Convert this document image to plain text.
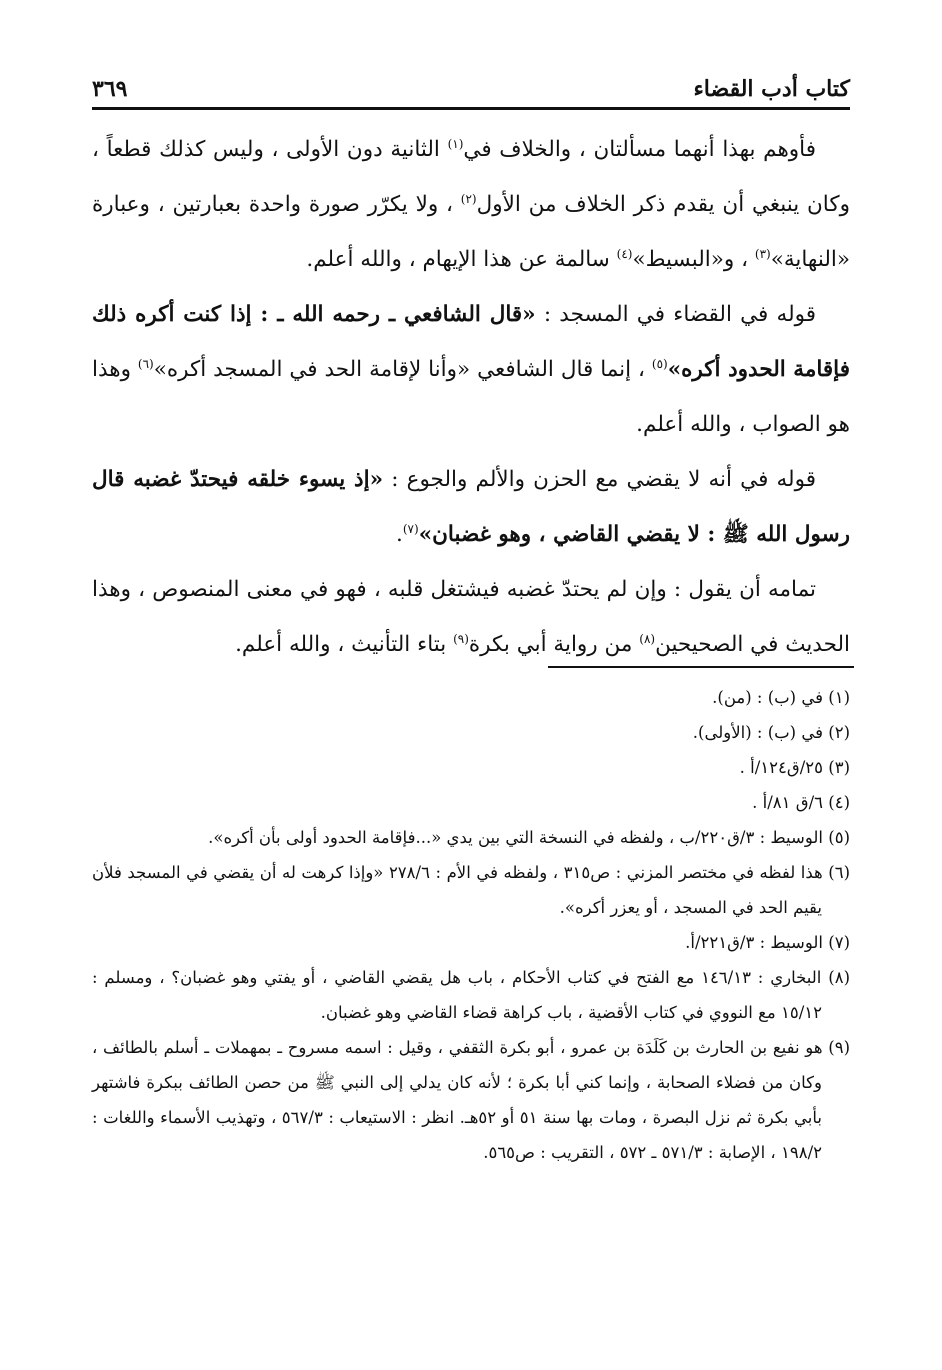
كتاب أدب القضاء
٣٦٩

فأوهم بهذا أنهما مسألتان ، والخلاف في$^{(١)}$ الثانية دون الأولى ، وليس كذلك قطعاً ، وكان ينبغي أن يقدم ذكر الخلاف من الأول$^{(٢)}$ ، ولا يكرّر صورة واحدة بعبارتين ، وعبارة «النهاية»$^{(٣)}$ ، و«البسيط»$^{(٤)}$ سالمة عن هذا الإيهام ، والله أعلم.

قوله في القضاء في المسجد : «قال الشافعي ـ رحمه الله ـ : إذا كنت أكره ذلك فإقامة الحدود أكره»$^{(٥)}$ ، إنما قال الشافعي «وأنا لإقامة الحد في المسجد أكره»$^{(٦)}$ وهذا هو الصواب ، والله أعلم.

قوله في أنه لا يقضي مع الحزن والألم والجوع : «إذ يسوء خلقه فيحتدّ غضبه قال رسول الله ﷺ : لا يقضي القاضي ، وهو غضبان»$^{(٧)}$.

تمامه أن يقول : وإن لم يحتدّ غضبه فيشتغل قلبه ، فهو في معنى المنصوص ، وهذا الحديث في الصحيحين$^{(٨)}$ من رواية أبي بكرة$^{(٩)}$ بتاء التأنيث ، والله أعلم.

(١) في (ب) : (من).

(٢) في (ب) : (الأولى).

(٣) ٢٥/ق١٢٤/أ .

(٤) ٦/ق ٨١/أ .

(٥) الوسيط : ٣/ق٢٢٠/ب ، ولفظه في النسخة التي بين يدي «...فإقامة الحدود أولى بأن أكره».

(٦) هذا لفظه في مختصر المزني : ص٣١٥ ، ولفظه في الأم : ٢٧٨/٦ «وإذا كرهت له أن يقضي في المسجد فلأن يقيم الحد في المسجد ، أو يعزر أكره».

(٧) الوسيط : ٣/ق٢٢١/أ.

(٨) البخاري : ١٤٦/١٣ مع الفتح في كتاب الأحكام ، باب هل يقضي القاضي ، أو يفتي وهو غضبان؟ ، ومسلم : ١٥/١٢ مع النووي في كتاب الأقضية ، باب كراهة قضاء القاضي وهو غضبان.

(٩) هو نفيع بن الحارث بن كَلَدَة بن عمرو ، أبو بكرة الثقفي ، وقيل : اسمه مسروح ـ بمهملات ـ أسلم بالطائف ، وكان من فضلاء الصحابة ، وإنما كني أبا بكرة ؛ لأنه كان يدلي إلى النبي ﷺ من حصن الطائف ببكرة فاشتهر بأبي بكرة ثم نزل البصرة ، ومات بها سنة ٥١ أو ٥٢هـ. انظر : الاستيعاب : ٥٦٧/٣ ، وتهذيب الأسماء واللغات : ١٩٨/٢ ، الإصابة : ٥٧١/٣ ـ ٥٧٢ ، التقريب : ص٥٦٥.
